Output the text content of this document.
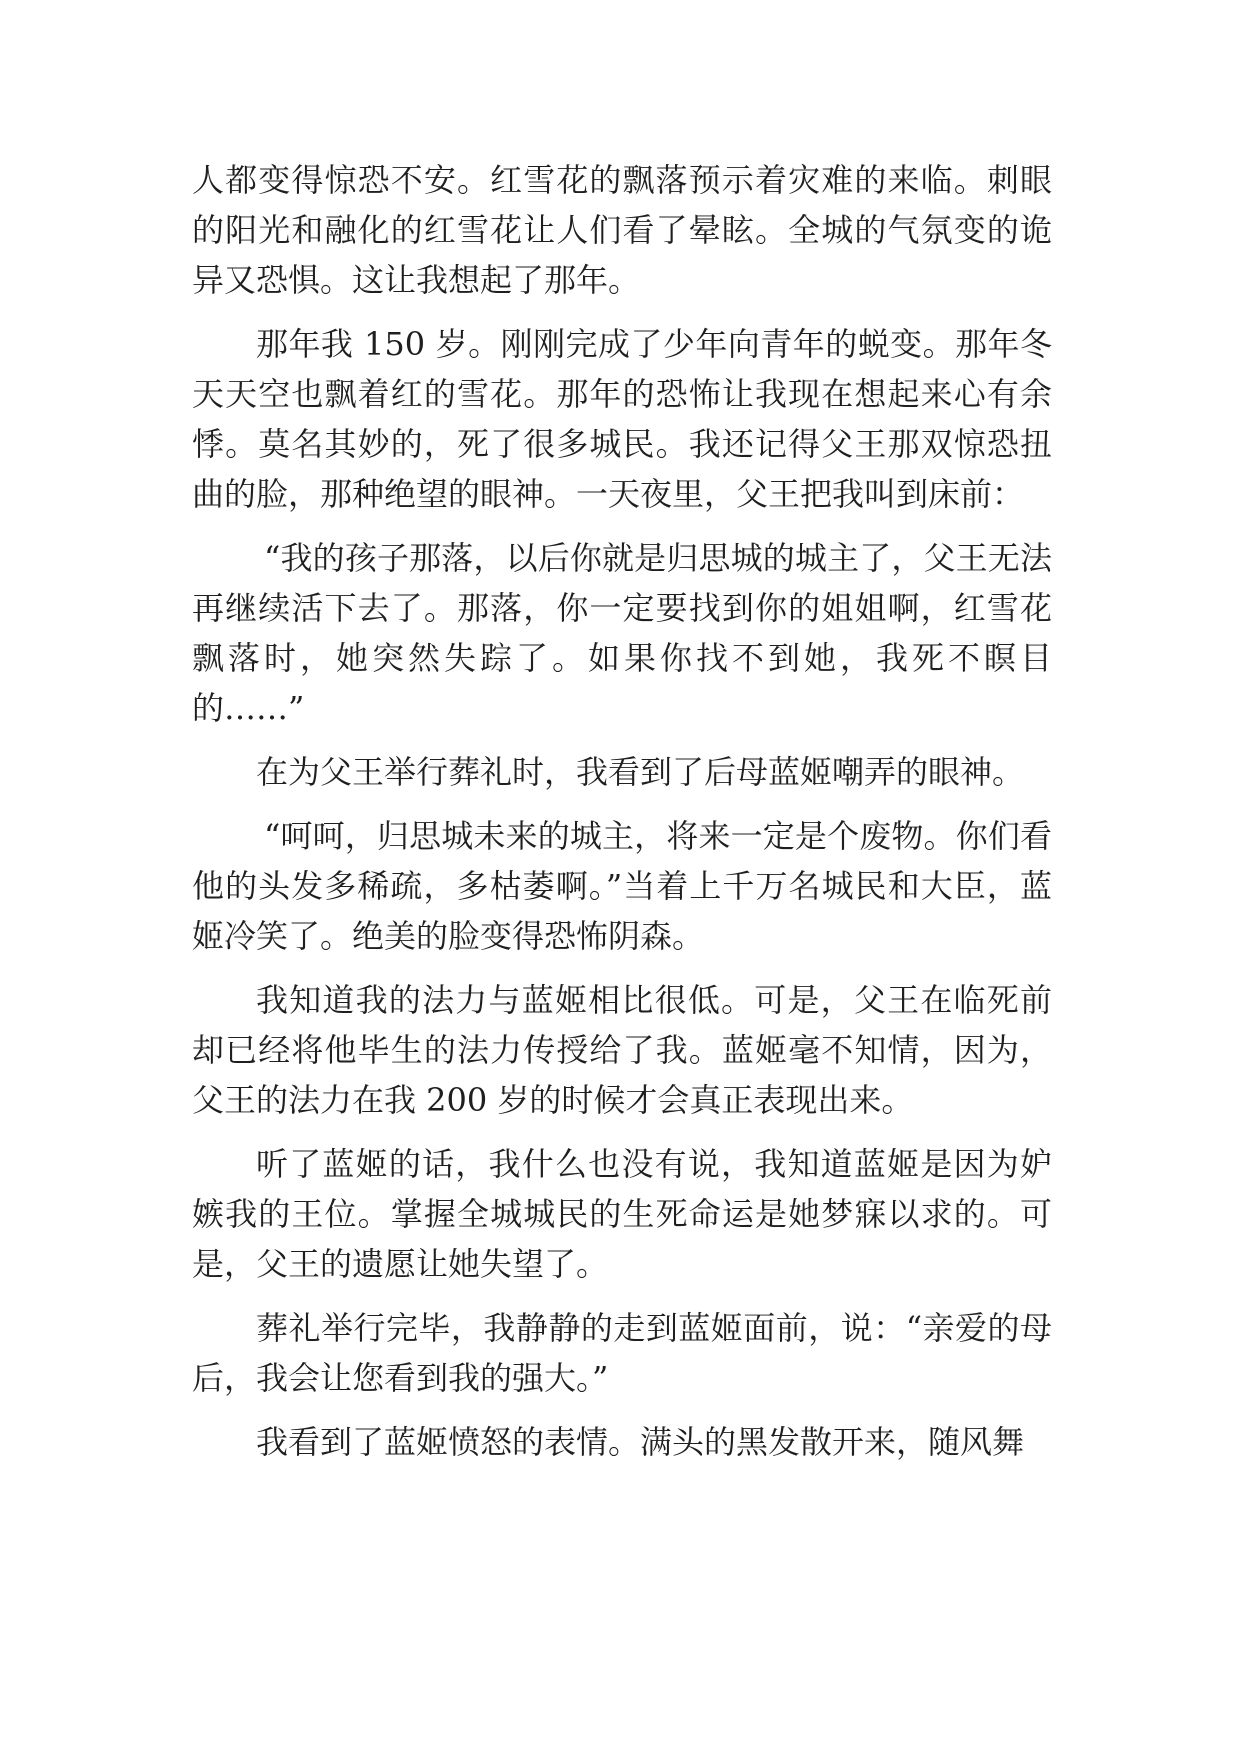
人都变得惊恐不安。红雪花的飘落预示着灾难的来临。刺眼的阳光和融化的红雪花让人们看了晕眩。全城的气氛变的诡异又恐惧。这让我想起了那年。

那年我 150 岁。刚刚完成了少年向青年的蜕变。那年冬天天空也飘着红的雪花。那年的恐怖让我现在想起来心有余悸。莫名其妙的，死了很多城民。我还记得父王那双惊恐扭曲的脸，那种绝望的眼神。一天夜里，父王把我叫到床前：

“我的孩子那落，以后你就是归思城的城主了，父王无法再继续活下去了。那落，你一定要找到你的姐姐啊，红雪花飘落时，她突然失踪了。如果你找不到她，我死不瞑目的……”

在为父王举行葬礼时，我看到了后母蓝姬嘲弄的眼神。

“呵呵，归思城未来的城主，将来一定是个废物。你们看他的头发多稀疏，多枯萎啊。”当着上千万名城民和大臣，蓝姬冷笑了。绝美的脸变得恐怖阴森。

我知道我的法力与蓝姬相比很低。可是，父王在临死前却已经将他毕生的法力传授给了我。蓝姬毫不知情，因为，父王的法力在我 200 岁的时候才会真正表现出来。

听了蓝姬的话，我什么也没有说，我知道蓝姬是因为妒嫉我的王位。掌握全城城民的生死命运是她梦寐以求的。可是，父王的遗愿让她失望了。

葬礼举行完毕，我静静的走到蓝姬面前，说：“亲爱的母后，我会让您看到我的强大。”

我看到了蓝姬愤怒的表情。满头的黑发散开来，随风舞
